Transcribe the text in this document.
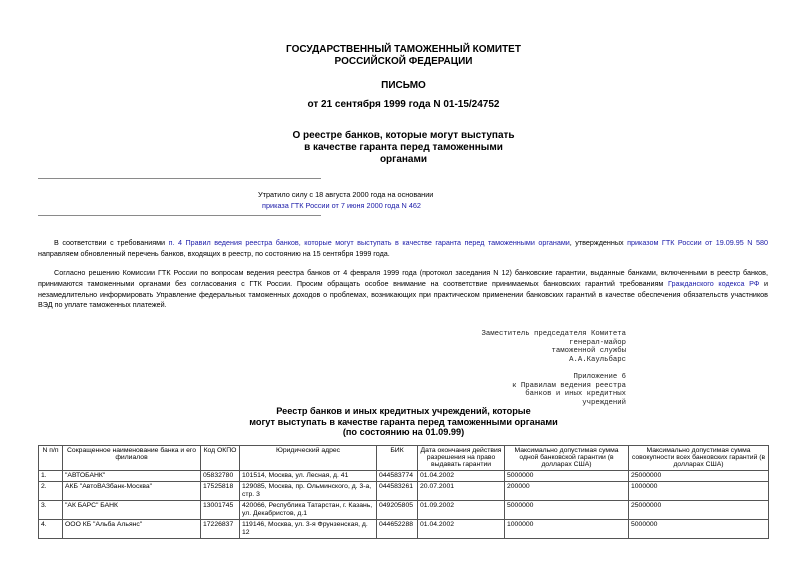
ГОСУДАРСТВЕННЫЙ ТАМОЖЕННЫЙ КОМИТЕТ
РОССИЙСКОЙ ФЕДЕРАЦИИ
ПИСЬМО
от 21 сентября 1999 года N 01-15/24752
О реестре банков, которые могут выступать
в качестве гаранта перед таможенными
органами
Утратило силу с 18 августа 2000 года на основании
приказа ГТК России от 7 июня 2000 года N 462

В соответствии с требованиями п. 4 Правил ведения реестра банков, которые могут выступать в качестве гаранта перед таможенными органами, утвержденных приказом ГТК России от 19.09.95 N 580 направляем обновленный перечень банков, входящих в реестр, по состоянию на 15 сентября 1999 года.

Согласно решению Комиссии ГТК России по вопросам ведения реестра банков от 4 февраля 1999 года (протокол заседания N 12) банковские гарантии, выданные банками, включенными в реестр банков, принимаются таможенными органами без согласования с ГТК России. Просим обращать особое внимание на соответствие принимаемых банковских гарантий требованиям Гражданского кодекса РФ и незамедлительно информировать Управление федеральных таможенных доходов о проблемах, возникающих при практическом применении банковских гарантий в качестве обеспечения обязательств участников ВЭД по уплате таможенных платежей.

Заместитель председателя Комитета
генерал-майор
таможенной службы
А.А.Каульбарс
Приложение 6
к Правилам ведения реестра
банков и иных кредитных
учреждений
Реестр банков и иных кредитных учреждений, которые
могут выступать в качестве гаранта перед таможенными органами
(по состоянию на 01.09.99)
N п/п	Сокращенное наименование банка и его филиалов	Код ОКПО	Юридический адрес	БИК	Дата окончания действия разрешения на право выдавать гарантии	Максимально допустимая сумма одной банковской гарантии (в долларах США)	Максимально допустимая сумма совокупности всех банковских гарантий (в долларах США)
1.	"АВТОБАНК"	05832780	101514, Москва, ул. Лесная, д. 41	044583774	01.04.2002	5000000	25000000
2.	АКБ "АвтоВАЗбанк-Москва"	17525818	129085, Москва, пр. Ольминского, д. 3-а, стр. 3	044583261	20.07.2001	200000	1000000
3.	"АК БАРС" БАНК	13001745	420066, Республика Татарстан, г. Казань, ул. Декабристов, д.1	049205805	01.09.2002	5000000	25000000
4.	ООО КБ "Альба Альянс"	17226837	119146, Москва, ул. 3-я Фрунзенская, д. 12	044652288	01.04.2002	1000000	5000000
